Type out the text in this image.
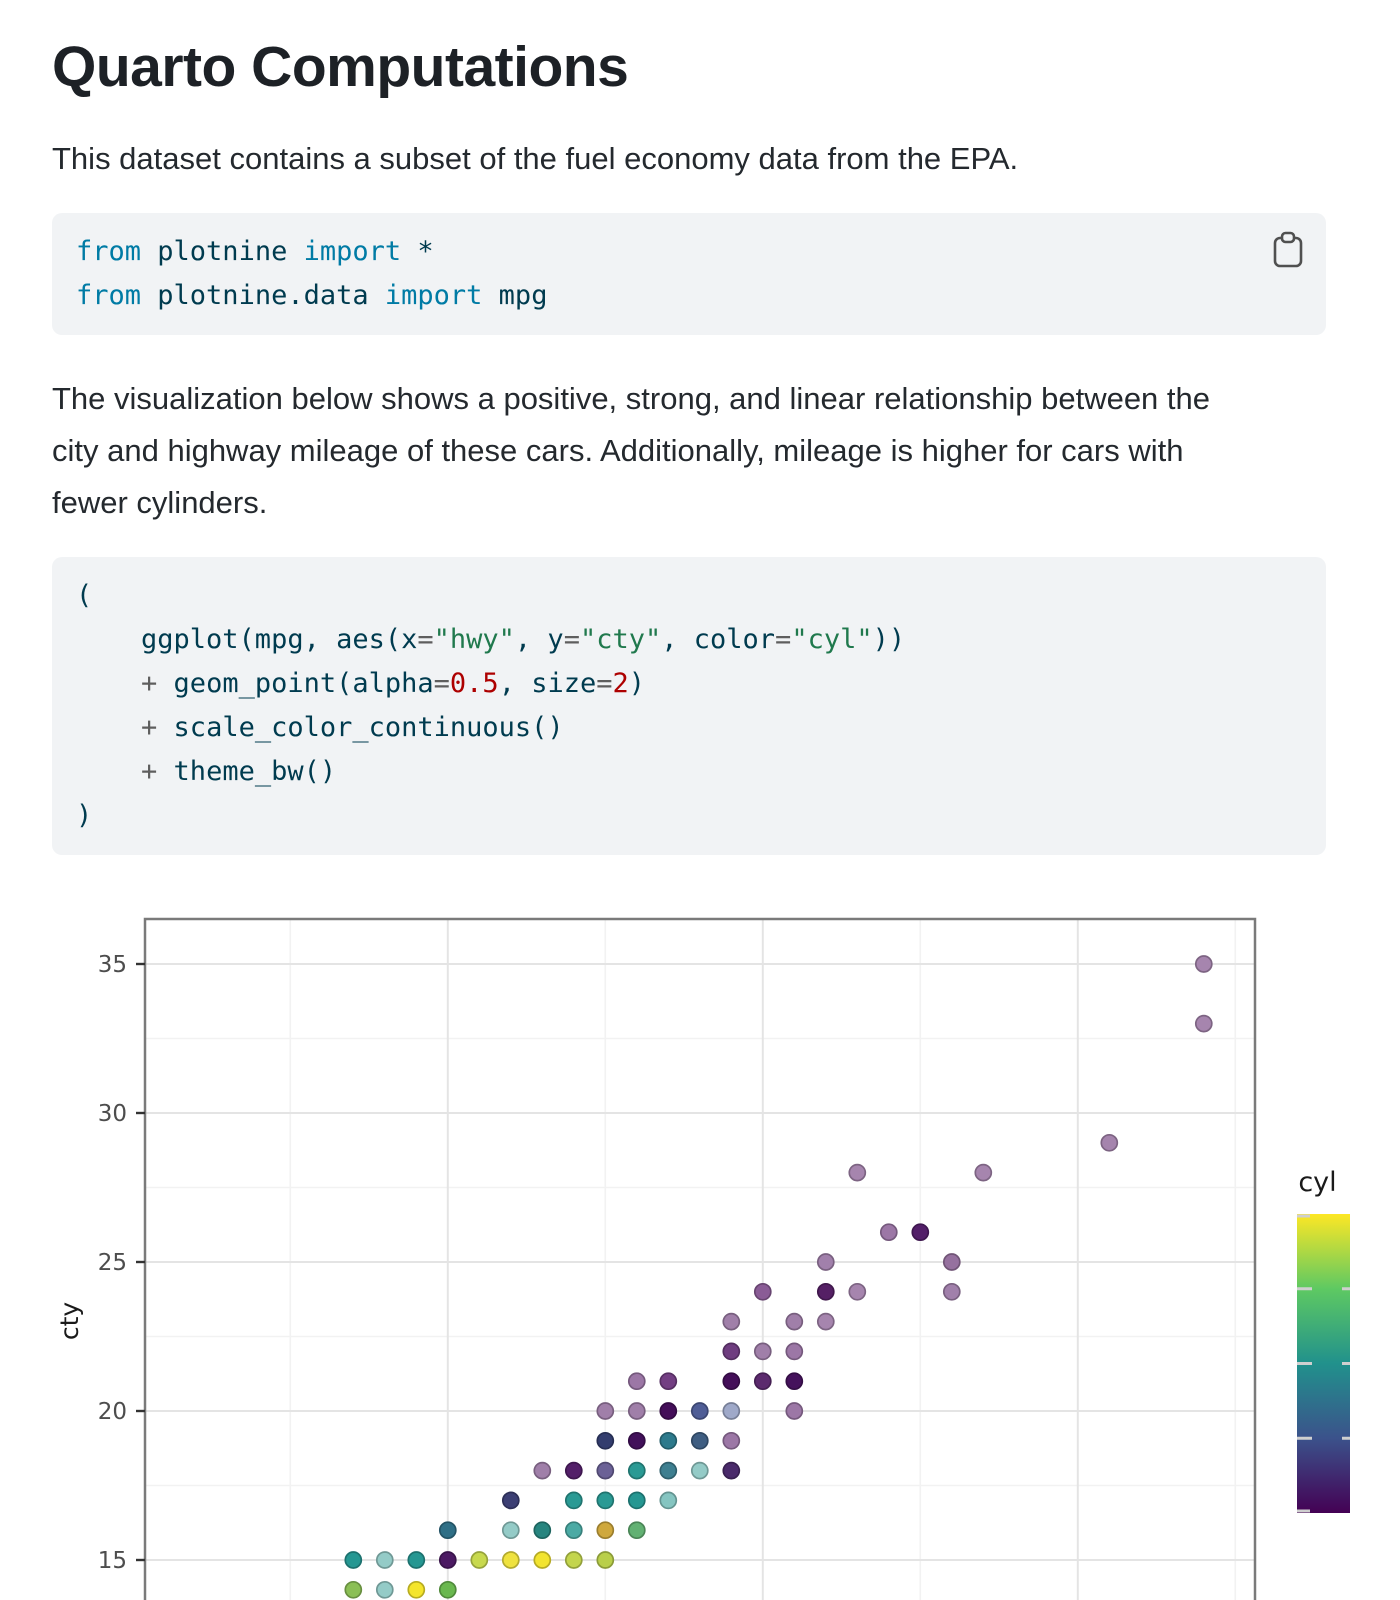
Quarto Computations

This dataset contains a subset of the fuel economy data from the EPA.

from plotnine import *
from plotnine.data import mpg

The visualization below shows a positive, strong, and linear relationship between the
city and highway mileage of these cars. Additionally, mileage is higher for cars with
fewer cylinders.

(
ggplot(mpg, aes(x="hwy", y="cty", color="cyl"))
+ geom_point(alpha=0.5, size=2)
+ scale_color_continuous()
+ theme_bw()
)
15
20
25
30
35
cty
cyl
